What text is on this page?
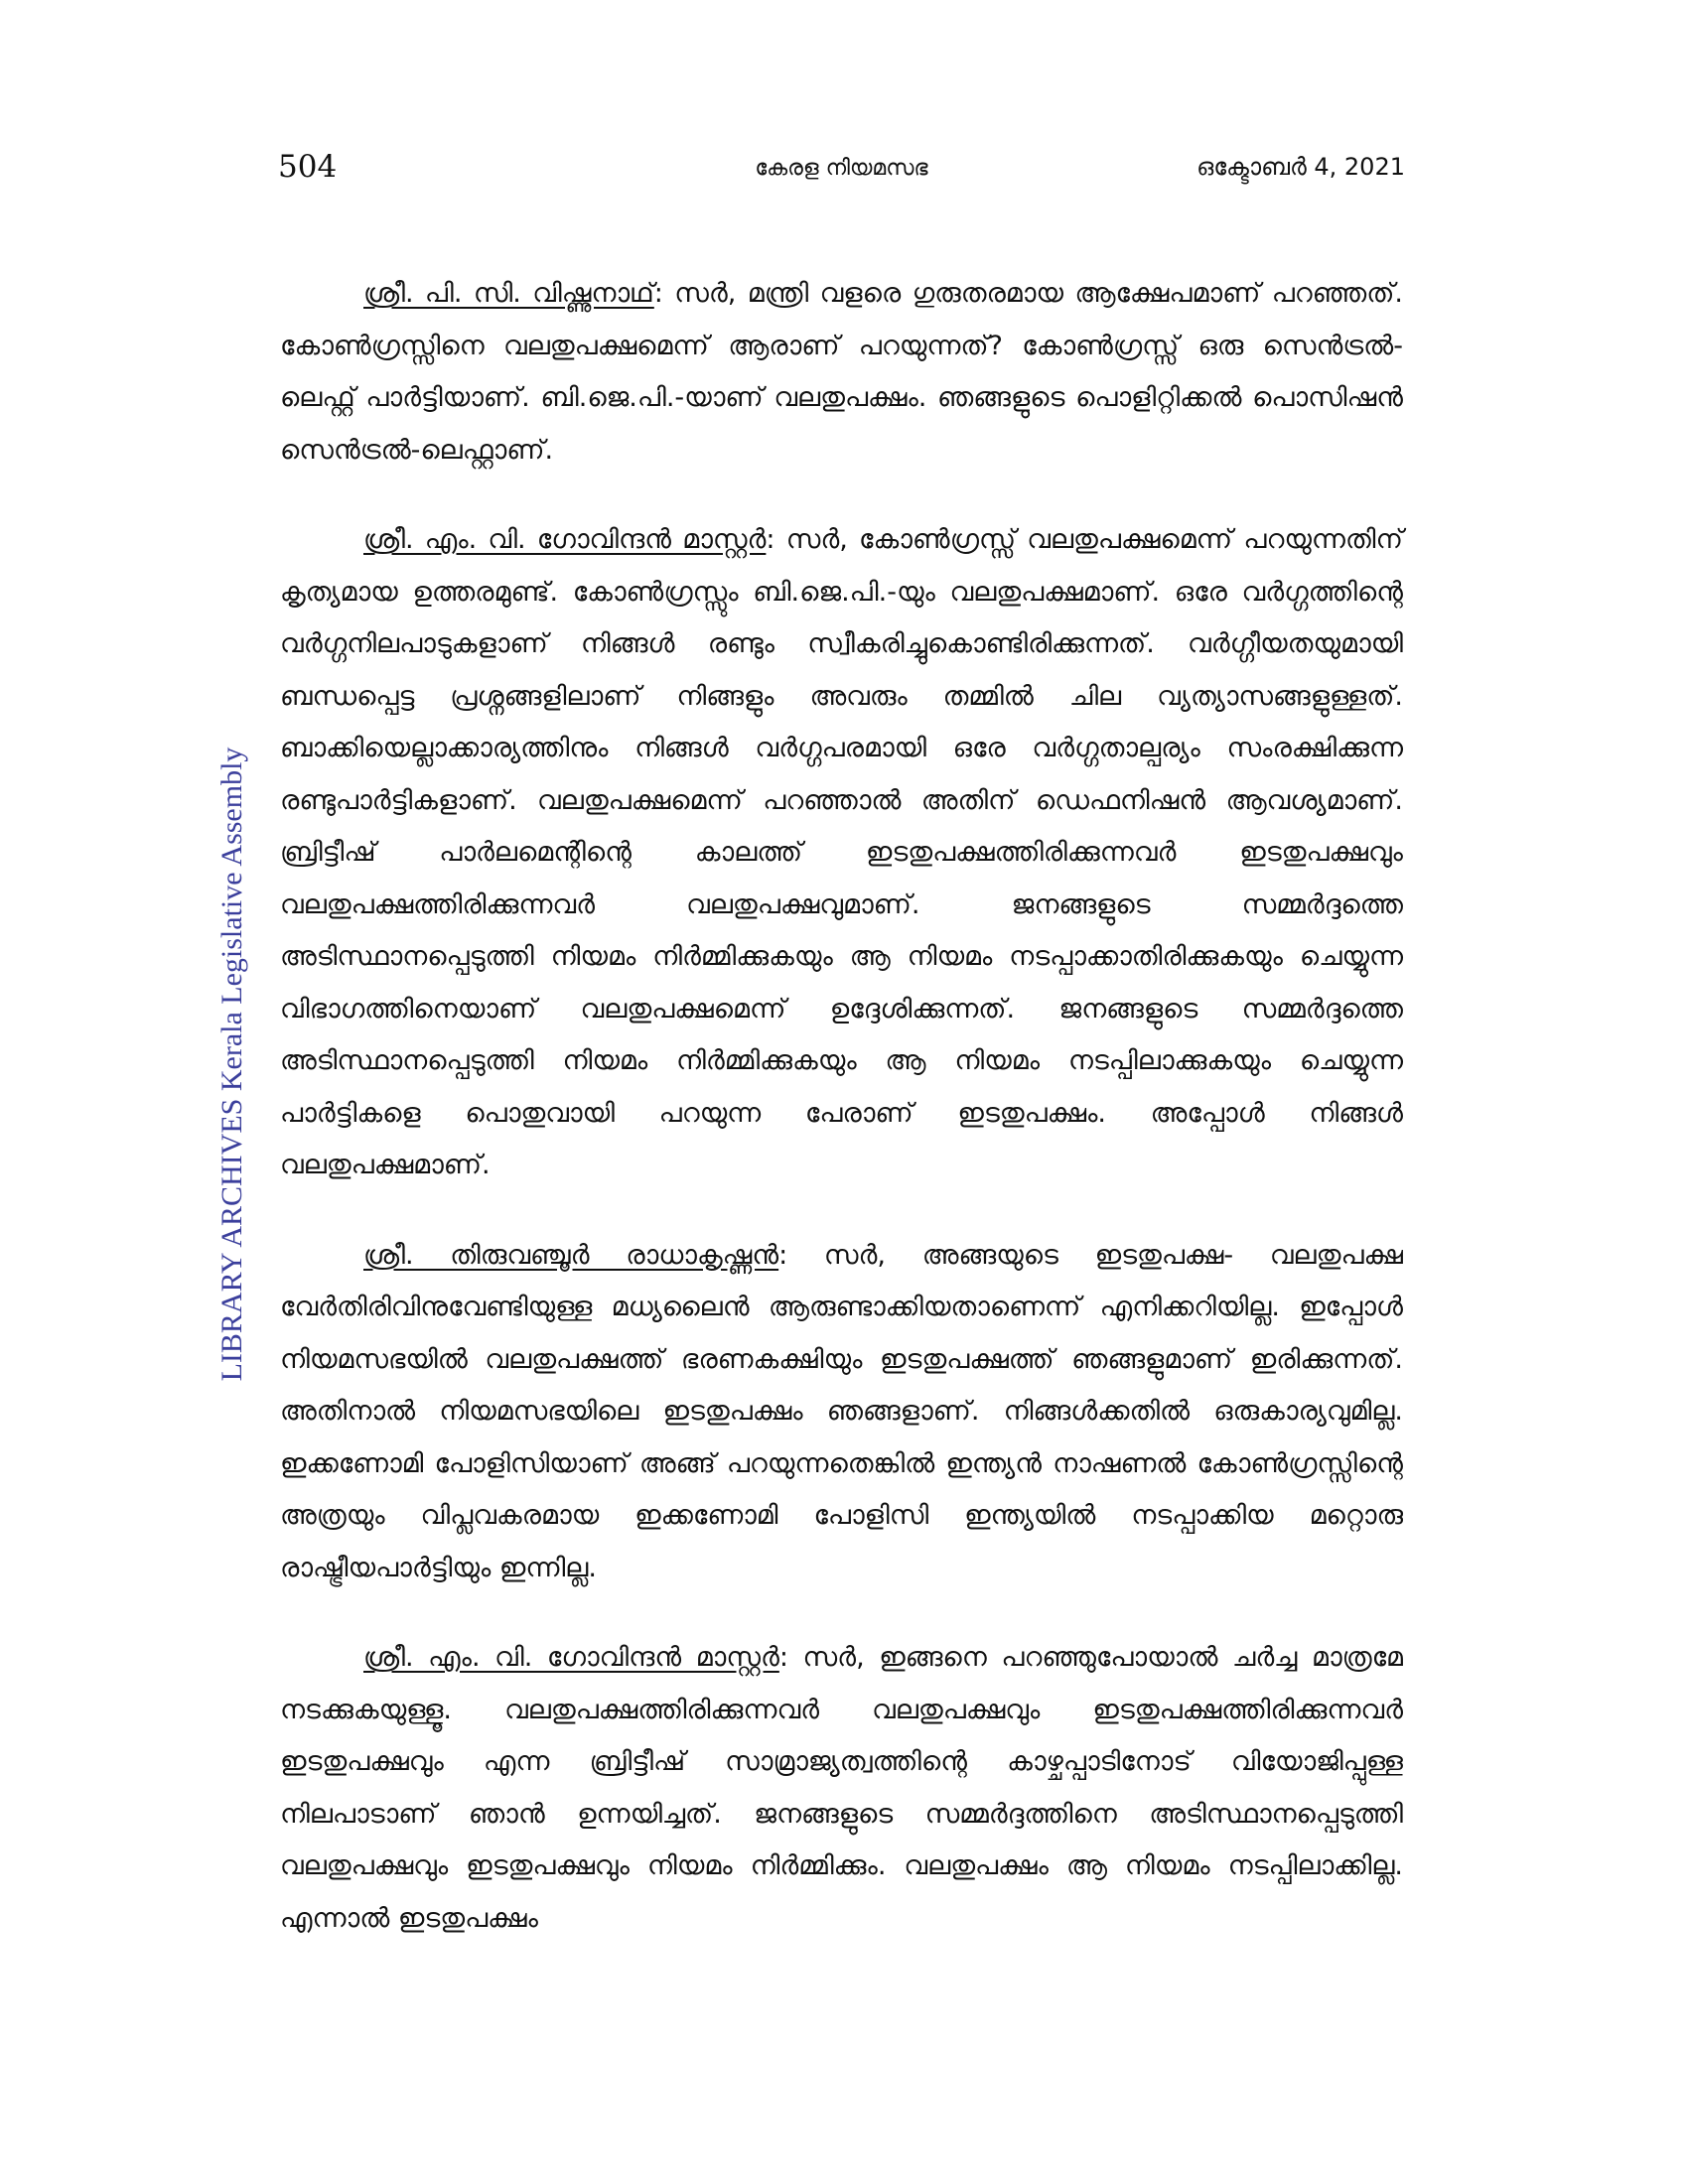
504	കേരള നിയമസഭ	ഒക്ടോബർ 4, 2021
LIBRARY ARCHIVES Kerala Legislative Assembly

ശ്രീ. പി. സി. വിഷ്ണുനാഥ്: സർ, മന്ത്രി വളരെ ഗുരുതരമായ ആക്ഷേപമാണ് പറഞ്ഞത്. കോൺഗ്രസ്സിനെ വലതുപക്ഷമെന്ന് ആരാണ് പറയുന്നത്? കോൺഗ്രസ്സ് ഒരു സെൻട്രൽ-ലെഫ്റ്റ് പാർട്ടിയാണ്. ബി.ജെ.പി.-യാണ് വലതുപക്ഷം. ഞങ്ങളുടെ പൊളിറ്റിക്കൽ പൊസിഷൻ സെൻട്രൽ-ലെഫ്റ്റാണ്.

ശ്രീ. എം. വി. ഗോവിന്ദൻ മാസ്റ്റർ: സർ, കോൺഗ്രസ്സ് വലതുപക്ഷമെന്ന് പറയുന്നതിന് കൃത്യമായ ഉത്തരമുണ്ട്. കോൺഗ്രസ്സും ബി.ജെ.പി.-യും വലതുപക്ഷമാണ്. ഒരേ വർഗ്ഗത്തിന്റെ വർഗ്ഗനിലപാടുകളാണ് നിങ്ങൾ രണ്ടും സ്വീകരിച്ചുകൊണ്ടിരിക്കുന്നത്. വർഗ്ഗീയതയുമായി ബന്ധപ്പെട്ട പ്രശ്നങ്ങളിലാണ് നിങ്ങളും അവരും തമ്മിൽ ചില വ്യത്യാസങ്ങളുള്ളത്. ബാക്കിയെല്ലാക്കാര്യത്തിനും നിങ്ങൾ വർഗ്ഗപരമായി ഒരേ വർഗ്ഗതാല്പര്യം സംരക്ഷിക്കുന്ന രണ്ടുപാർട്ടികളാണ്. വലതുപക്ഷമെന്ന് പറഞ്ഞാൽ അതിന് ഡെഫനിഷൻ ആവശ്യമാണ്. ബ്രിട്ടീഷ് പാർലമെന്റിന്റെ കാലത്ത് ഇടതുപക്ഷത്തിരിക്കുന്നവർ ഇടതുപക്ഷവും വലതുപക്ഷത്തിരിക്കുന്നവർ വലതുപക്ഷവുമാണ്. ജനങ്ങളുടെ സമ്മർദ്ദത്തെ അടിസ്ഥാനപ്പെടുത്തി നിയമം നിർമ്മിക്കുകയും ആ നിയമം നടപ്പാക്കാതിരിക്കുകയും ചെയ്യുന്ന വിഭാഗത്തിനെയാണ് വലതുപക്ഷമെന്ന് ഉദ്ദേശിക്കുന്നത്. ജനങ്ങളുടെ സമ്മർദ്ദത്തെ അടിസ്ഥാനപ്പെടുത്തി നിയമം നിർമ്മിക്കുകയും ആ നിയമം നടപ്പിലാക്കുകയും ചെയ്യുന്ന പാർട്ടികളെ പൊതുവായി പറയുന്ന പേരാണ് ഇടതുപക്ഷം. അപ്പോൾ നിങ്ങൾ വലതുപക്ഷമാണ്.

ശ്രീ. തിരുവഞ്ചൂർ രാധാകൃഷ്ണൻ: സർ, അങ്ങയുടെ ഇടതുപക്ഷ- വലതുപക്ഷ വേർതിരിവിനുവേണ്ടിയുള്ള മധ്യലൈൻ ആരുണ്ടാക്കിയതാണെന്ന് എനിക്കറിയില്ല. ഇപ്പോൾ നിയമസഭയിൽ വലതുപക്ഷത്ത് ഭരണകക്ഷിയും ഇടതുപക്ഷത്ത് ഞങ്ങളുമാണ് ഇരിക്കുന്നത്. അതിനാൽ നിയമസഭയിലെ ഇടതുപക്ഷം ഞങ്ങളാണ്. നിങ്ങൾക്കതിൽ ഒരുകാര്യവുമില്ല. ഇക്കണോമി പോളിസിയാണ് അങ്ങ് പറയുന്നതെങ്കിൽ ഇന്ത്യൻ നാഷണൽ കോൺഗ്രസ്സിന്റെ അത്രയും വിപ്ലവകരമായ ഇക്കണോമി പോളിസി ഇന്ത്യയിൽ നടപ്പാക്കിയ മറ്റൊരു രാഷ്ട്രീയപാർട്ടിയും ഇന്നില്ല.

ശ്രീ. എം. വി. ഗോവിന്ദൻ മാസ്റ്റർ: സർ, ഇങ്ങനെ പറഞ്ഞുപോയാൽ ചർച്ച മാത്രമേ നടക്കുകയുള്ളൂ. വലതുപക്ഷത്തിരിക്കുന്നവർ വലതുപക്ഷവും ഇടതുപക്ഷത്തിരിക്കുന്നവർ ഇടതുപക്ഷവും എന്ന ബ്രിട്ടീഷ് സാമ്രാജ്യത്വത്തിന്റെ കാഴ്ചപ്പാടിനോട് വിയോജിപ്പുള്ള നിലപാടാണ് ഞാൻ ഉന്നയിച്ചത്. ജനങ്ങളുടെ സമ്മർദ്ദത്തിനെ അടിസ്ഥാനപ്പെടുത്തി വലതുപക്ഷവും ഇടതുപക്ഷവും നിയമം നിർമ്മിക്കും. വലതുപക്ഷം ആ നിയമം നടപ്പിലാക്കില്ല. എന്നാൽ ഇടതുപക്ഷം
